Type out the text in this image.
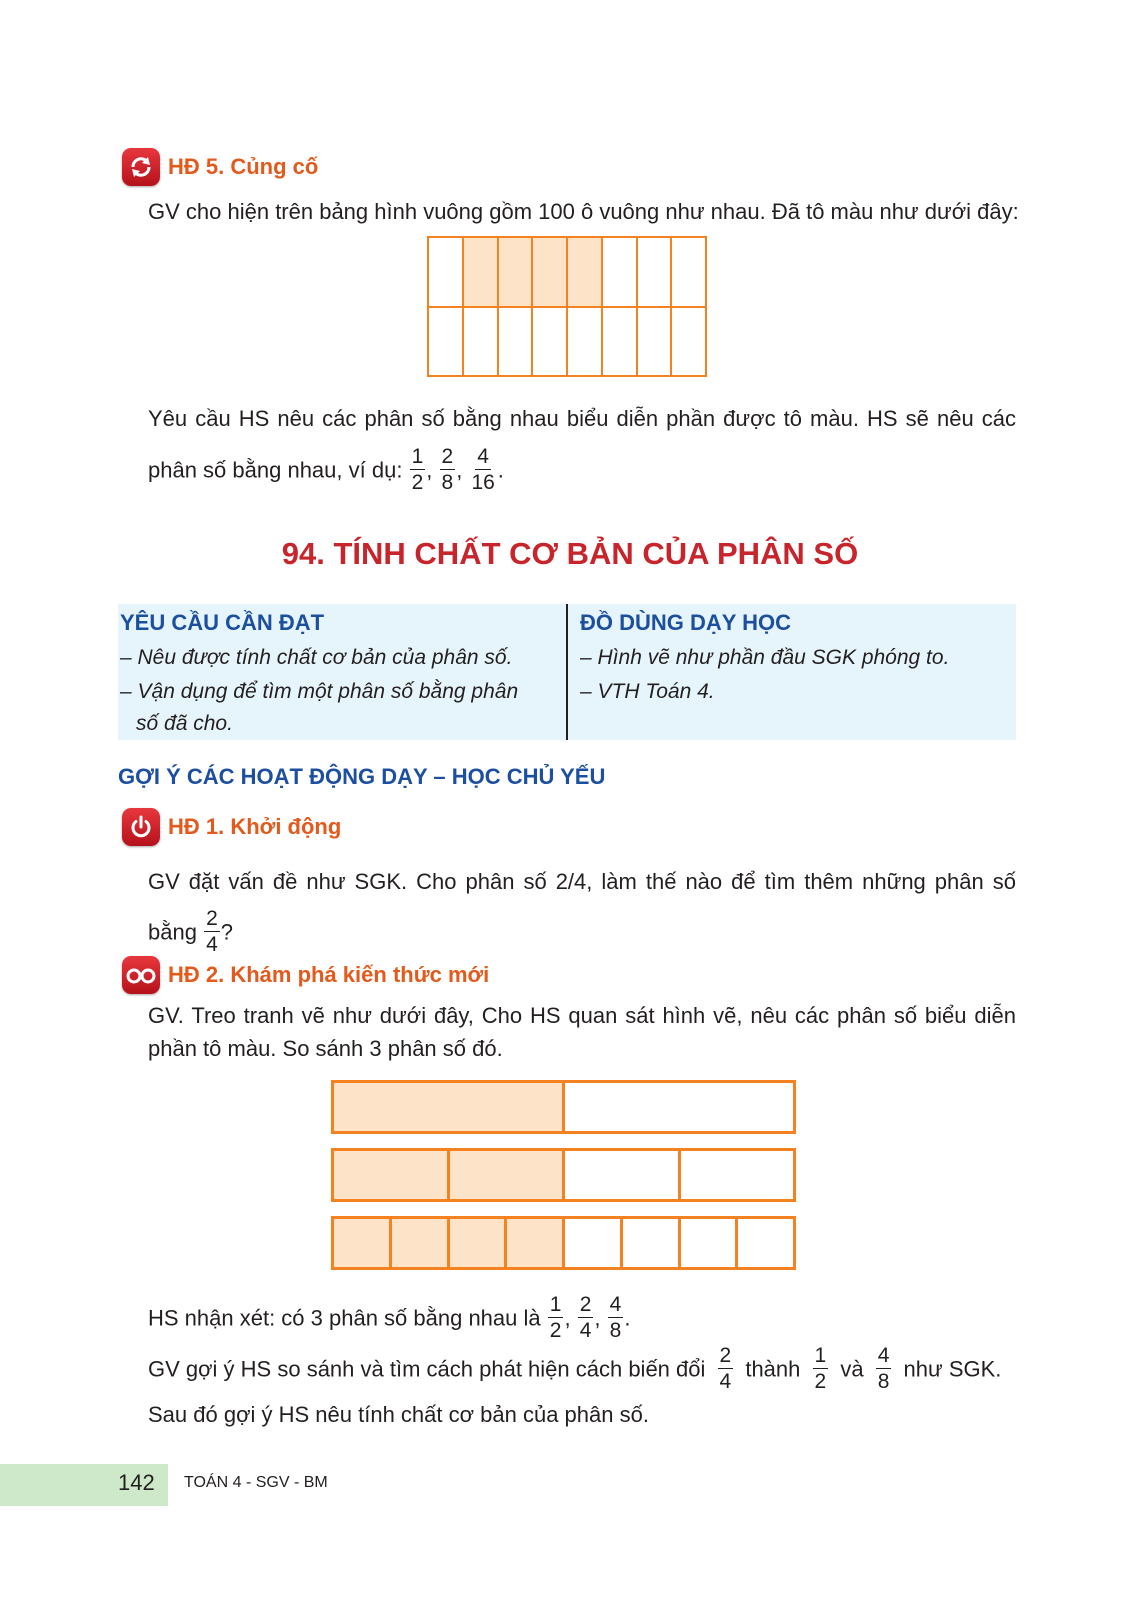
HĐ 5. Củng cố
GV cho hiện trên bảng hình vuông gồm 100 ô vuông như nhau. Đã tô màu như dưới đây:
Yêu cầu HS nêu các phân số bằng nhau biểu diễn phần được tô màu. HS sẽ nêu các
phân số bằng nhau, ví dụ: $\frac{1}{2}$ , $\frac{2}{8}$ , $\frac{4}{16}$ .
94. TÍNH CHẤT CƠ BẢN CỦA PHÂN SỐ
YÊU CẦU CẦN ĐẠT
– Nêu được tính chất cơ bản của phân số.
– Vận dụng để tìm một phân số bằng phân
số đã cho.
ĐỒ DÙNG DẠY HỌC
– Hình vẽ như phần đầu SGK phóng to.
– VTH Toán 4.
GỢI Ý CÁC HOẠT ĐỘNG DẠY – HỌC CHỦ YẾU
HĐ 1. Khởi động
GV đặt vấn đề như SGK. Cho phân số 2/4, làm thế nào để tìm thêm những phân số
bằng $\frac{2}{4}$ ?
HĐ 2. Khám phá kiến thức mới
GV. Treo tranh vẽ như dưới đây, Cho HS quan sát hình vẽ, nêu các phân số biểu diễn
phần tô màu. So sánh 3 phân số đó.
HS nhận xét: có 3 phân số bằng nhau là $\frac{1}{2}$ , $\frac{2}{4}$ , $\frac{4}{8}$ .
GV gợi ý HS so sánh và tìm cách phát hiện cách biến đổi $\frac{2}{4}$ thành $\frac{1}{2}$ và $\frac{4}{8}$ như SGK.
Sau đó gợi ý HS nêu tính chất cơ bản của phân số.
142 TOÁN 4 - SGV - BM
